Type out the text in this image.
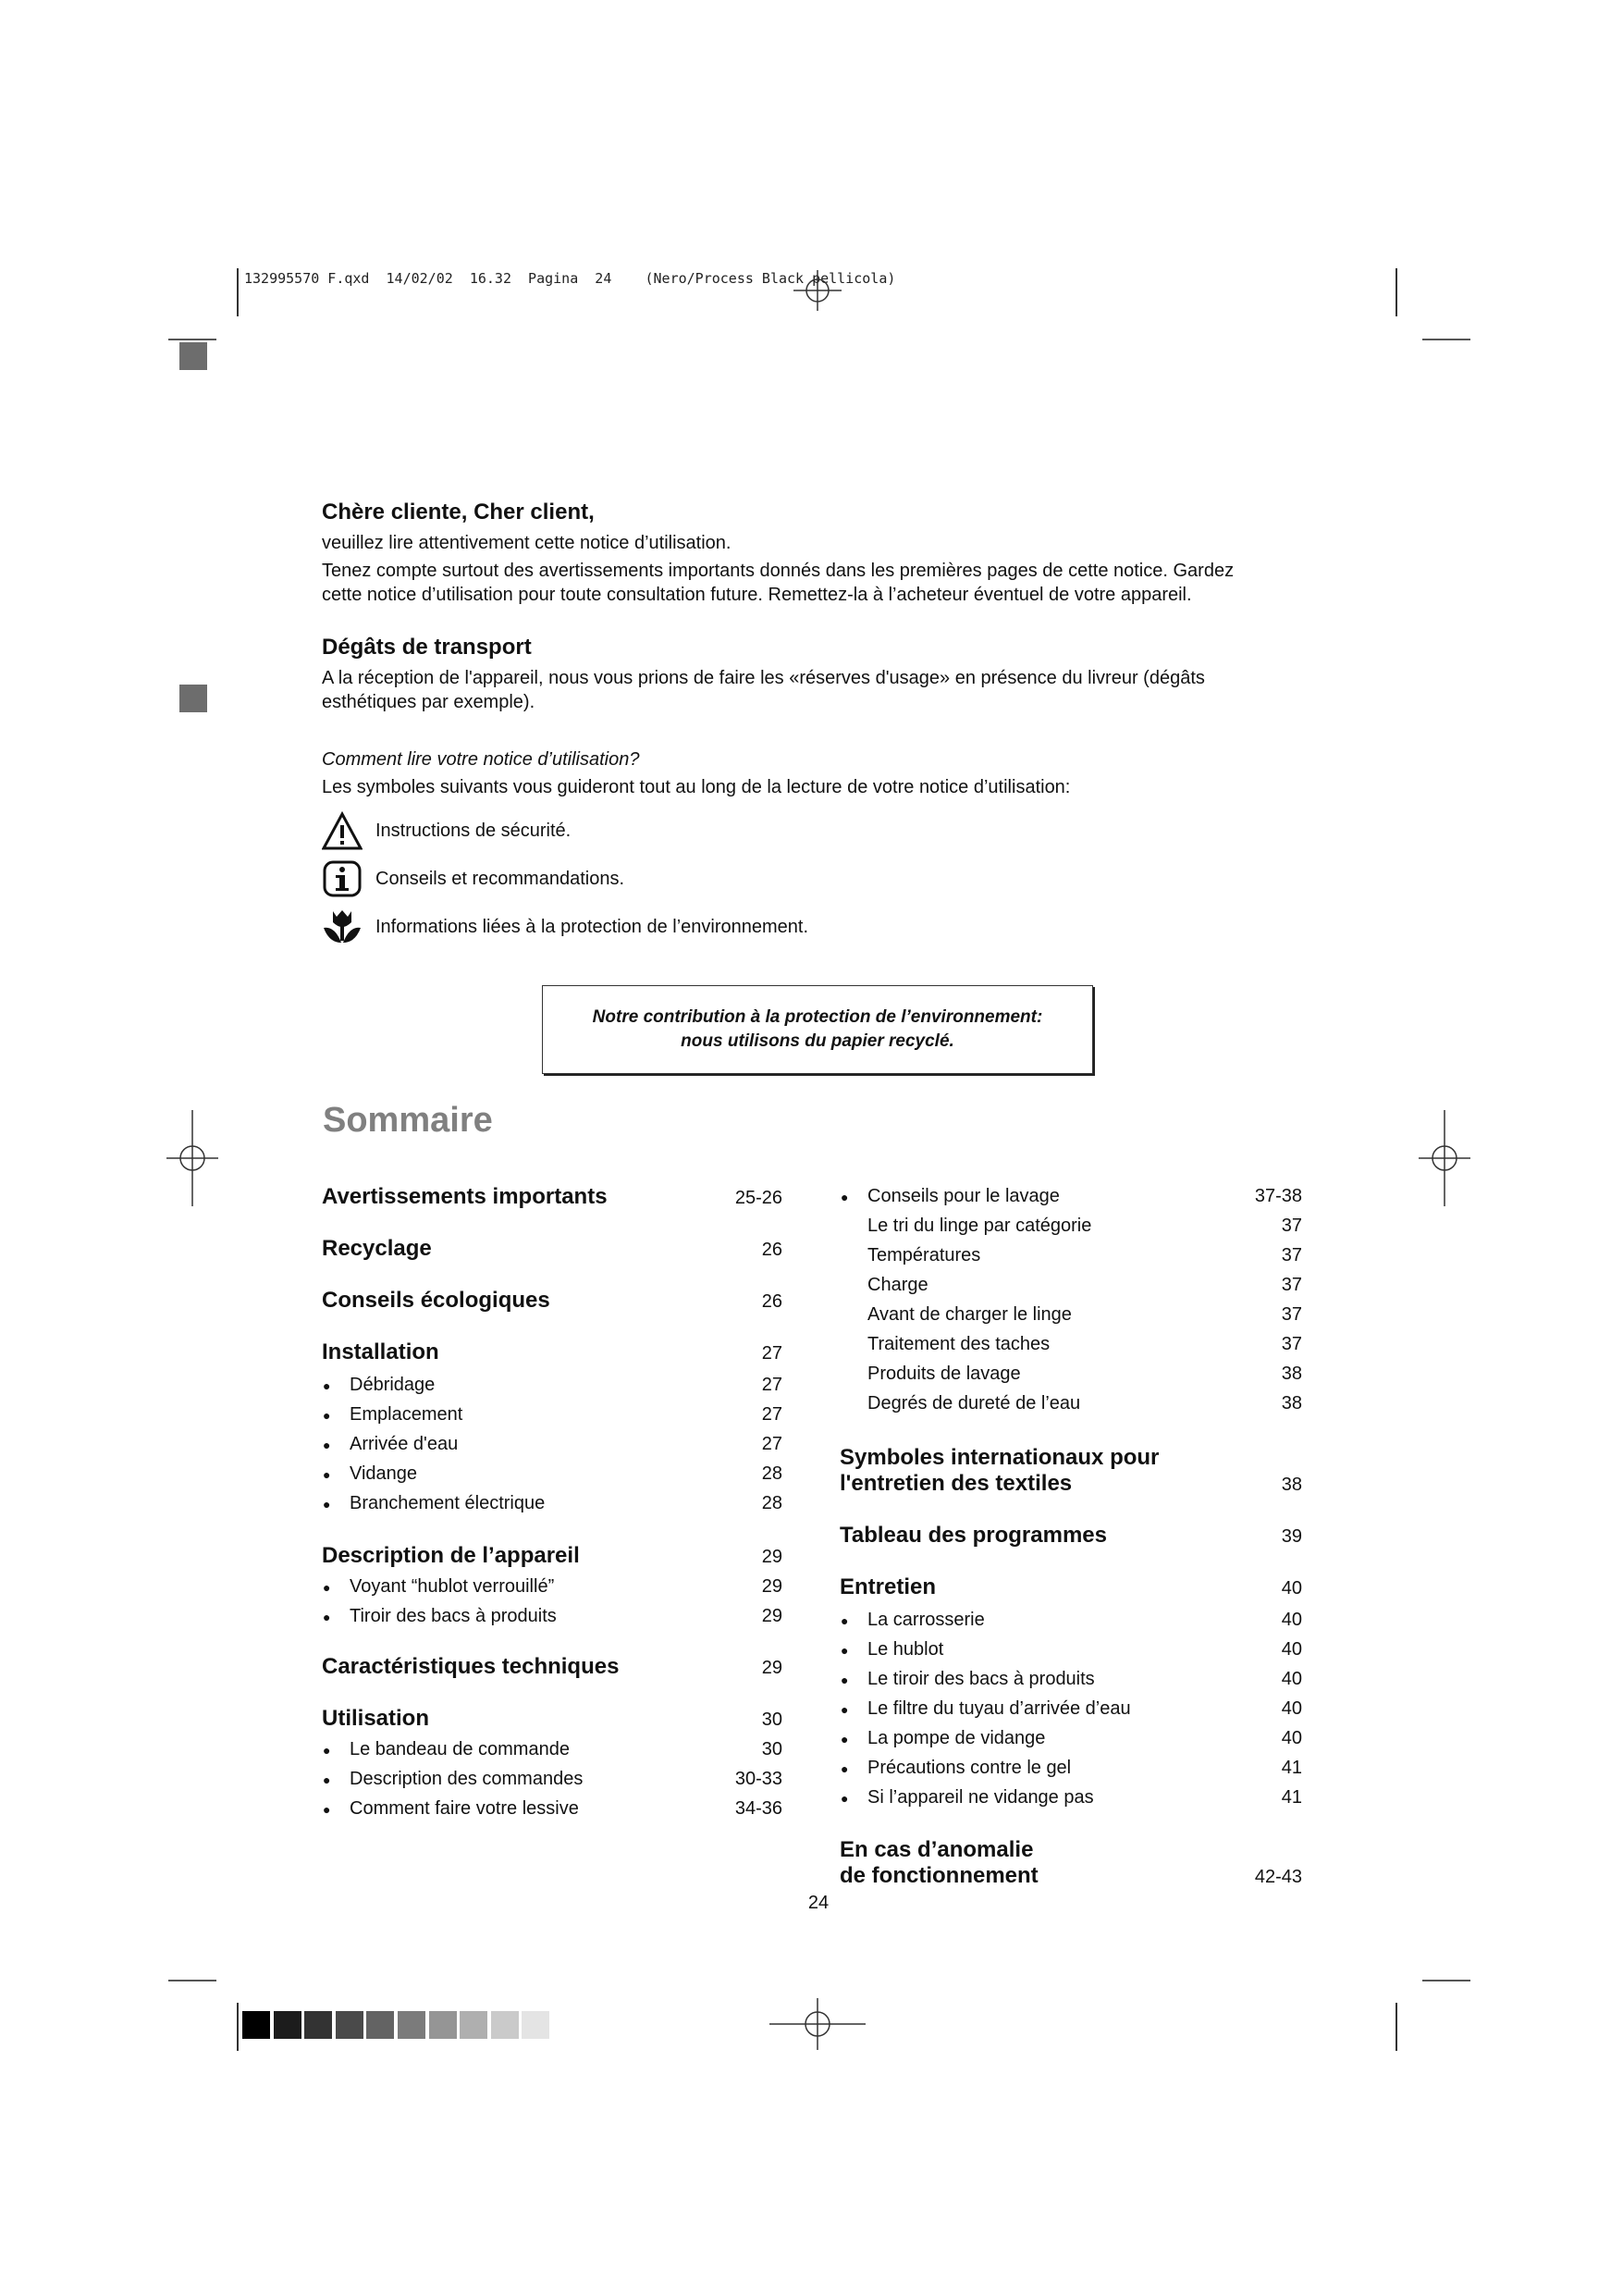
132995570 F.qxd  14/02/02  16.32  Pagina  24    (Nero/Process Black pellicola)
Chère cliente, Cher client,

veuillez lire attentivement cette notice d’utilisation.

Tenez compte surtout des avertissements importants donnés dans les premières pages de cette notice. Gardez

cette notice d’utilisation pour toute consultation future. Remettez-la à l’acheteur éventuel de votre appareil.

Dégâts de transport

A la réception de l'appareil, nous vous prions de faire les «réserves d'usage» en présence du livreur (dégâts

esthétiques par exemple).

Comment lire votre notice d’utilisation?

Les symboles suivants vous guideront tout au long de la lecture de votre notice d’utilisation:

Instructions de sécurité.
Conseils et recommandations.
Informations liées à la protection de l’environnement.
Notre contribution à la protection de l’environnement:
nous utilisons du papier recyclé.
Sommaire
Avertissements importants	25-26
Recyclage	26
Conseils écologiques	26
Installation	27
● Débridage	27
● Emplacement	27
● Arrivée d'eau	27
● Vidange	28
● Branchement électrique	28
Description de l’appareil	29
● Voyant “hublot verrouillé”	29
● Tiroir des bacs à produits	29
Caractéristiques techniques	29
Utilisation	30
● Le bandeau de commande	30
● Description des commandes	30-33
● Comment faire votre lessive	34-36
● Conseils pour le lavage	37-38
Le tri du linge par catégorie	37
Températures	37
Charge	37
Avant de charger le linge	37
Traitement des taches	37
Produits de lavage	38
Degrés de dureté de l’eau	38
Symboles internationaux pour
l'entretien des textiles	38
Tableau des programmes	39
Entretien	40
● La carrosserie	40
● Le hublot	40
● Le tiroir des bacs à produits	40
● Le filtre du tuyau d’arrivée d’eau	40
● La pompe de vidange	40
● Précautions contre le gel	41
● Si l’appareil ne vidange pas	41
En cas d’anomalie
de fonctionnement	42-43
24
